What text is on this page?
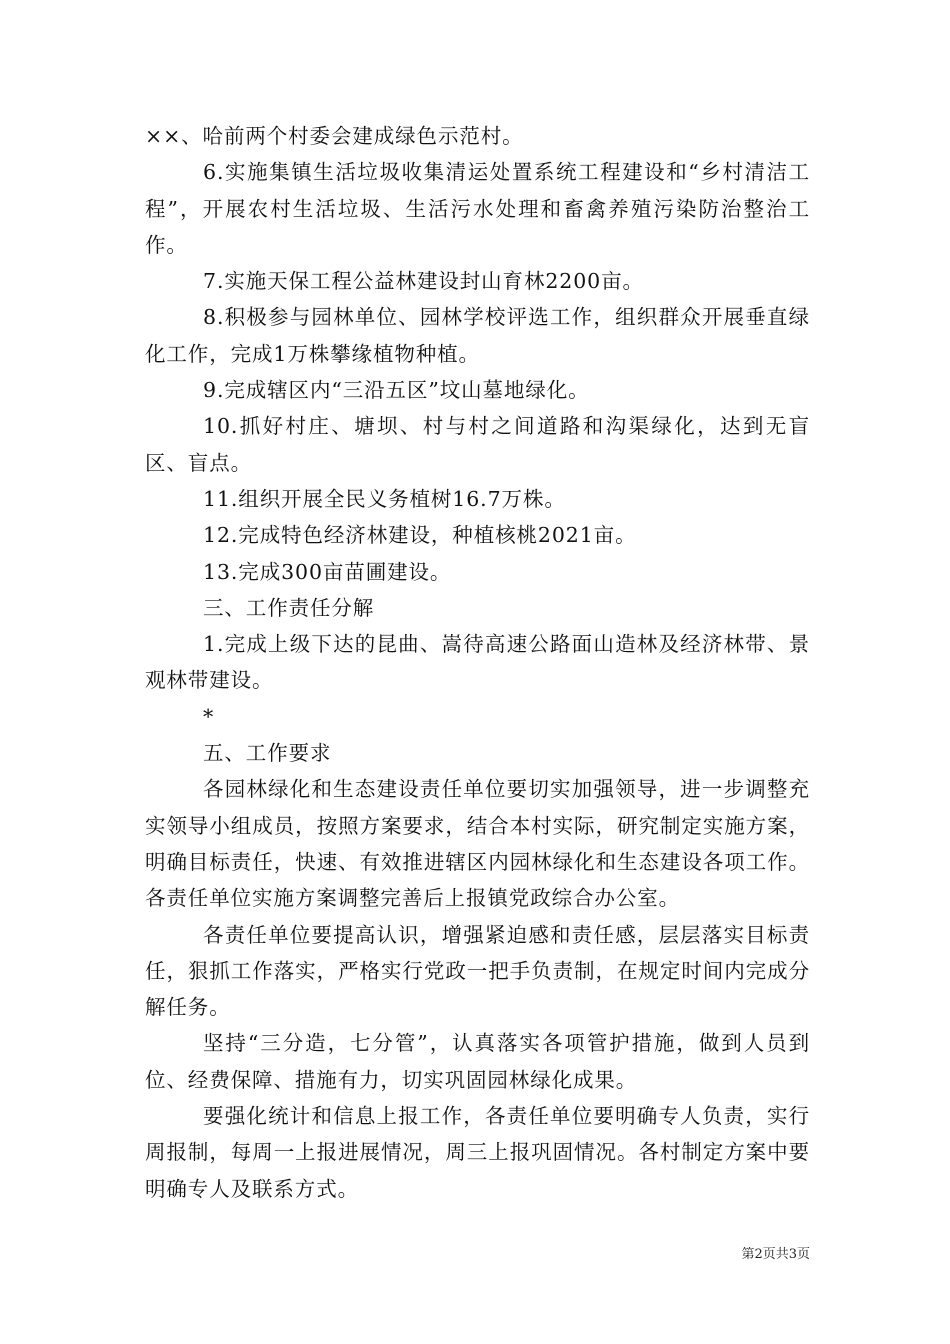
××、哈前两个村委会建成绿色示范村。

6.实施集镇生活垃圾收集清运处置系统工程建设和“乡村清洁工程”，开展农村生活垃圾、生活污水处理和畜禽养殖污染防治整治工作。

7.实施天保工程公益林建设封山育林2200亩。

8.积极参与园林单位、园林学校评选工作，组织群众开展垂直绿化工作，完成1万株攀缘植物种植。

9.完成辖区内“三沿五区”坟山墓地绿化。

10.抓好村庄、塘坝、村与村之间道路和沟渠绿化，达到无盲区、盲点。

11.组织开展全民义务植树16.7万株。

12.完成特色经济林建设，种植核桃2021亩。

13.完成300亩苗圃建设。

三、工作责任分解

1.完成上级下达的昆曲、嵩待高速公路面山造林及经济林带、景观林带建设。

*

五、工作要求

各园林绿化和生态建设责任单位要切实加强领导，进一步调整充实领导小组成员，按照方案要求，结合本村实际，研究制定实施方案，明确目标责任，快速、有效推进辖区内园林绿化和生态建设各项工作。各责任单位实施方案调整完善后上报镇党政综合办公室。

各责任单位要提高认识，增强紧迫感和责任感，层层落实目标责任，狠抓工作落实，严格实行党政一把手负责制，在规定时间内完成分解任务。

坚持“三分造，七分管”，认真落实各项管护措施，做到人员到位、经费保障、措施有力，切实巩固园林绿化成果。

要强化统计和信息上报工作，各责任单位要明确专人负责，实行周报制，每周一上报进展情况，周三上报巩固情况。各村制定方案中要明确专人及联系方式。

第2页共3页
